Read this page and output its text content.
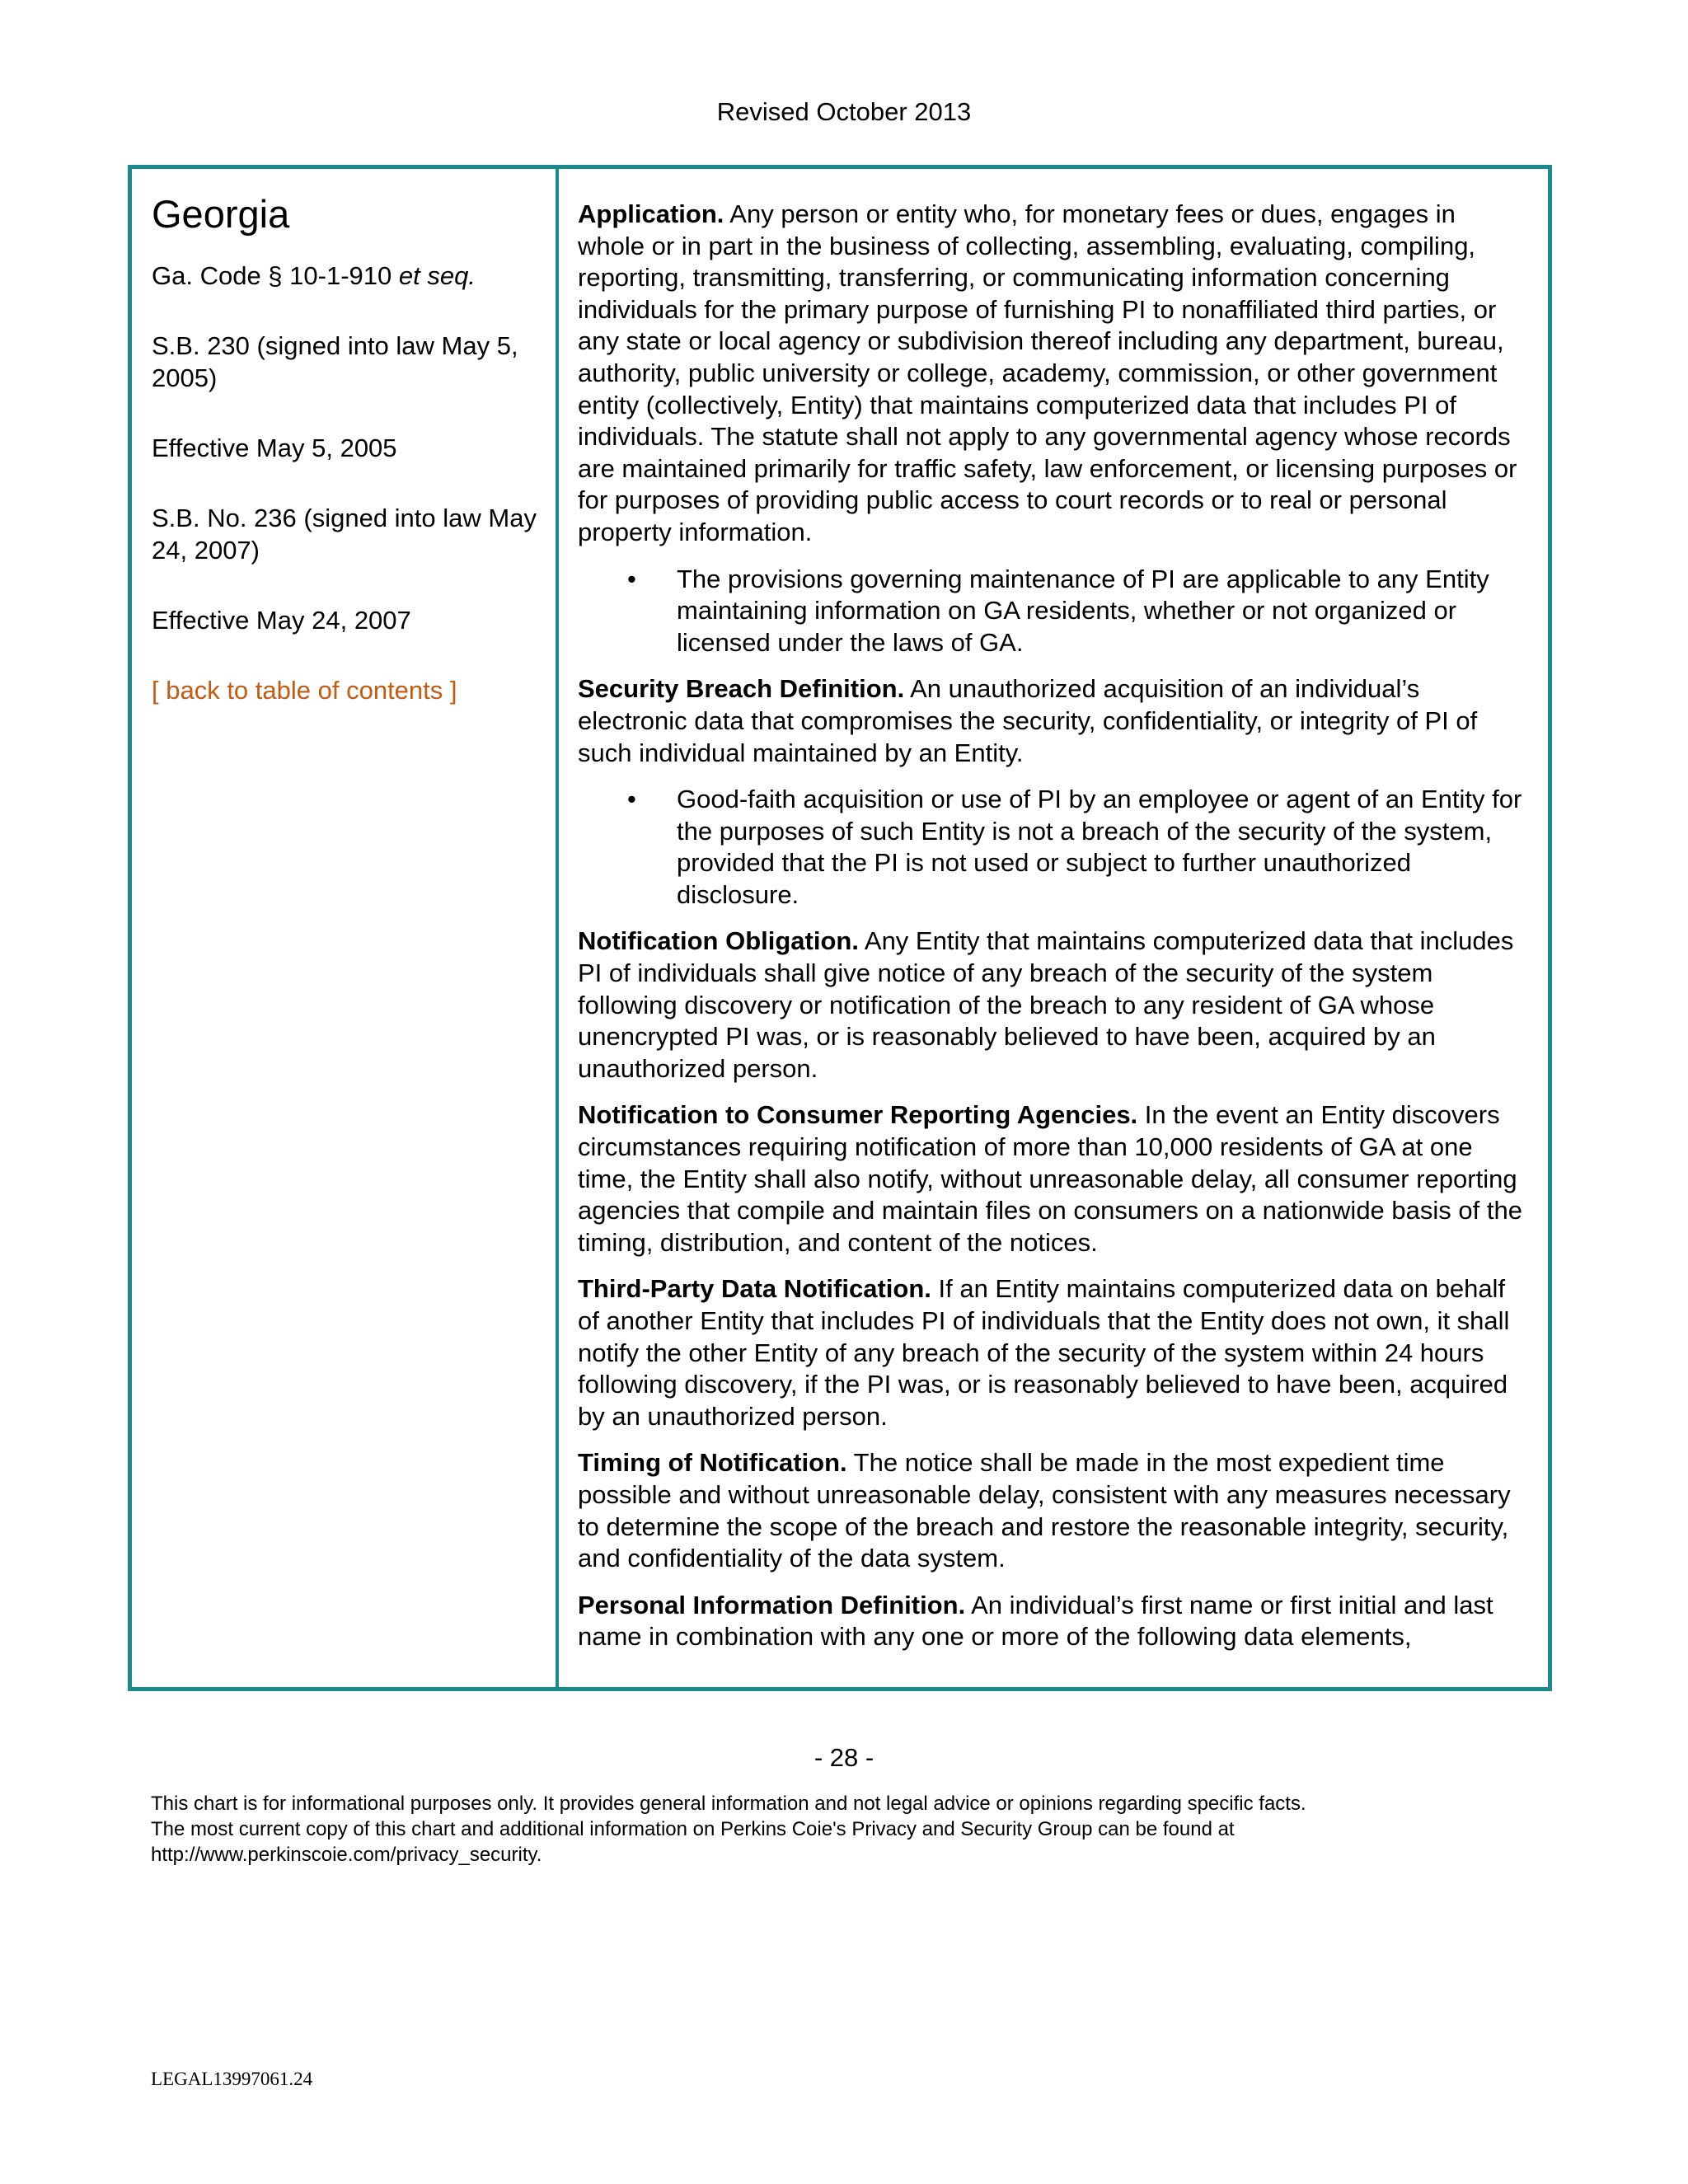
Revised October 2013
Georgia

Ga. Code § 10-1-910 et seq.

S.B. 230 (signed into law May 5, 2005)

Effective May 5, 2005

S.B. No. 236 (signed into law May 24, 2007)

Effective May 24, 2007

[ back to table of contents ]

Application. Any person or entity who, for monetary fees or dues, engages in whole or in part in the business of collecting, assembling, evaluating, compiling, reporting, transmitting, transferring, or communicating information concerning individuals for the primary purpose of furnishing PI to nonaffiliated third parties, or any state or local agency or subdivision thereof including any department, bureau, authority, public university or college, academy, commission, or other government entity (collectively, Entity) that maintains computerized data that includes PI of individuals. The statute shall not apply to any governmental agency whose records are maintained primarily for traffic safety, law enforcement, or licensing purposes or for purposes of providing public access to court records or to real or personal property information.

• The provisions governing maintenance of PI are applicable to any Entity maintaining information on GA residents, whether or not organized or licensed under the laws of GA.

Security Breach Definition. An unauthorized acquisition of an individual’s electronic data that compromises the security, confidentiality, or integrity of PI of such individual maintained by an Entity.

• Good-faith acquisition or use of PI by an employee or agent of an Entity for the purposes of such Entity is not a breach of the security of the system, provided that the PI is not used or subject to further unauthorized disclosure.

Notification Obligation. Any Entity that maintains computerized data that includes PI of individuals shall give notice of any breach of the security of the system following discovery or notification of the breach to any resident of GA whose unencrypted PI was, or is reasonably believed to have been, acquired by an unauthorized person.

Notification to Consumer Reporting Agencies. In the event an Entity discovers circumstances requiring notification of more than 10,000 residents of GA at one time, the Entity shall also notify, without unreasonable delay, all consumer reporting agencies that compile and maintain files on consumers on a nationwide basis of the timing, distribution, and content of the notices.

Third-Party Data Notification. If an Entity maintains computerized data on behalf of another Entity that includes PI of individuals that the Entity does not own, it shall notify the other Entity of any breach of the security of the system within 24 hours following discovery, if the PI was, or is reasonably believed to have been, acquired by an unauthorized person.

Timing of Notification. The notice shall be made in the most expedient time possible and without unreasonable delay, consistent with any measures necessary to determine the scope of the breach and restore the reasonable integrity, security, and confidentiality of the data system.

Personal Information Definition. An individual’s first name or first initial and last name in combination with any one or more of the following data elements,

- 28 -
This chart is for informational purposes only. It provides general information and not legal advice or opinions regarding specific facts.
The most current copy of this chart and additional information on Perkins Coie's Privacy and Security Group can be found at
http://www.perkinscoie.com/privacy_security.
LEGAL13997061.24
